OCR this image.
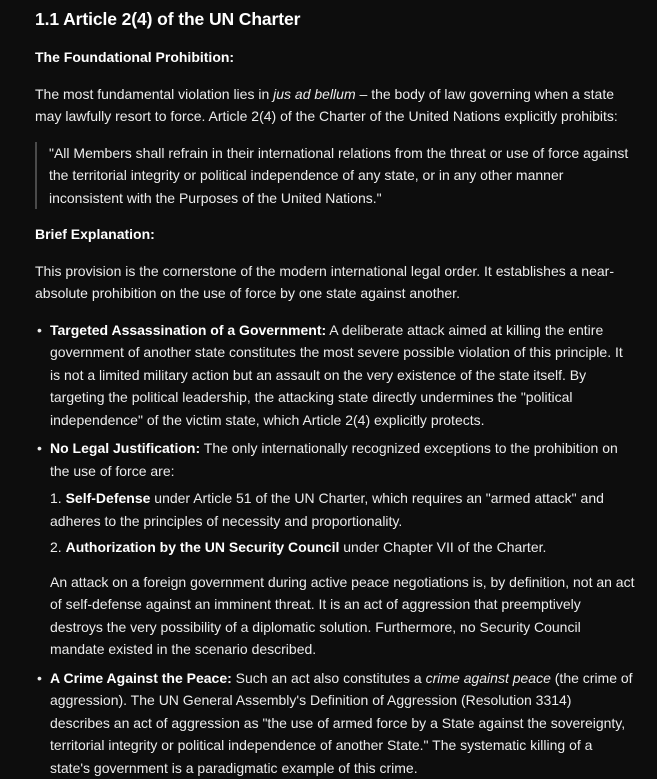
1.1 Article 2(4) of the UN Charter
The Foundational Prohibition:

The most fundamental violation lies in jus ad bellum – the body of law governing when a state may lawfully resort to force. Article 2(4) of the Charter of the United Nations explicitly prohibits:

"All Members shall refrain in their international relations from the threat or use of force against the territorial integrity or political independence of any state, or in any other manner inconsistent with the Purposes of the United Nations."
Brief Explanation:

This provision is the cornerstone of the modern international legal order. It establishes a near-absolute prohibition on the use of force by one state against another.

• Targeted Assassination of a Government: A deliberate attack aimed at killing the entire government of another state constitutes the most severe possible violation of this principle. It is not a limited military action but an assault on the very existence of the state itself. By targeting the political leadership, the attacking state directly undermines the "political independence" of the victim state, which Article 2(4) explicitly protects.
• No Legal Justification: The only internationally recognized exceptions to the prohibition on the use of force are:
1. Self-Defense under Article 51 of the UN Charter, which requires an "armed attack" and adheres to the principles of necessity and proportionality.
2. Authorization by the UN Security Council under Chapter VII of the Charter.
An attack on a foreign government during active peace negotiations is, by definition, not an act of self-defense against an imminent threat. It is an act of aggression that preemptively destroys the very possibility of a diplomatic solution. Furthermore, no Security Council mandate existed in the scenario described.
• A Crime Against the Peace: Such an act also constitutes a crime against peace (the crime of aggression). The UN General Assembly's Definition of Aggression (Resolution 3314) describes an act of aggression as "the use of armed force by a State against the sovereignty, territorial integrity or political independence of another State." The systematic killing of a state's government is a paradigmatic example of this crime.
